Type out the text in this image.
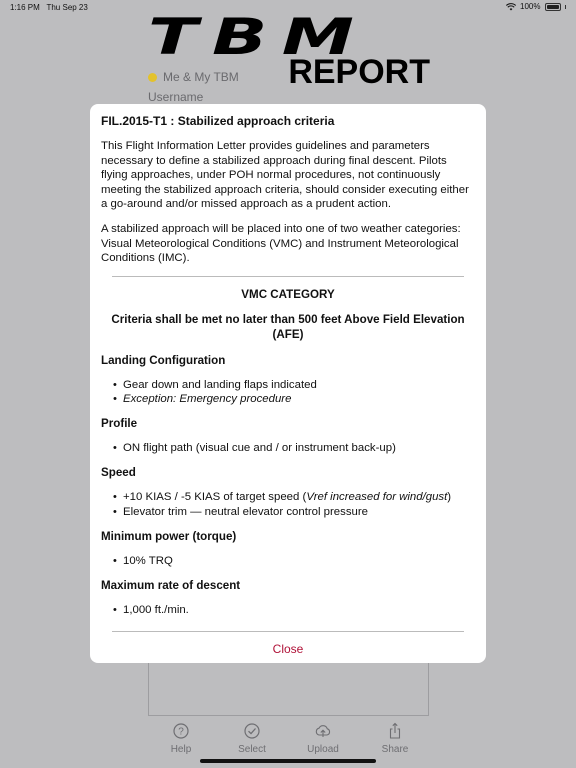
1:16 PM Thu Sep 23	100%
TBM
REPORT
Me & My TBM
Username
?
Help	Select	Upload	Share
FIL.2015-T1 : Stabilized approach criteria

This Flight Information Letter provides guidelines and parameters necessary to define a stabilized approach during final descent. Pilots flying approaches, under POH normal procedures, not continuously meeting the stabilized approach criteria, should consider executing either a go-around and/or missed approach as a prudent action.

A stabilized approach will be placed into one of two weather categories: Visual Meteorological Conditions (VMC) and Instrument Meteorological Conditions (IMC).

VMC CATEGORY
Criteria shall be met no later than 500 feet Above Field Elevation (AFE)
Landing Configuration
• Gear down and landing flaps indicated
• Exception: Emergency procedure
Profile
• ON flight path (visual cue and / or instrument back-up)
Speed
• +10 KIAS / -5 KIAS of target speed (Vref increased for wind/gust)
• Elevator trim — neutral elevator control pressure
Minimum power (torque)
• 10% TRQ
Maximum rate of descent
• 1,000 ft./min.
Close
